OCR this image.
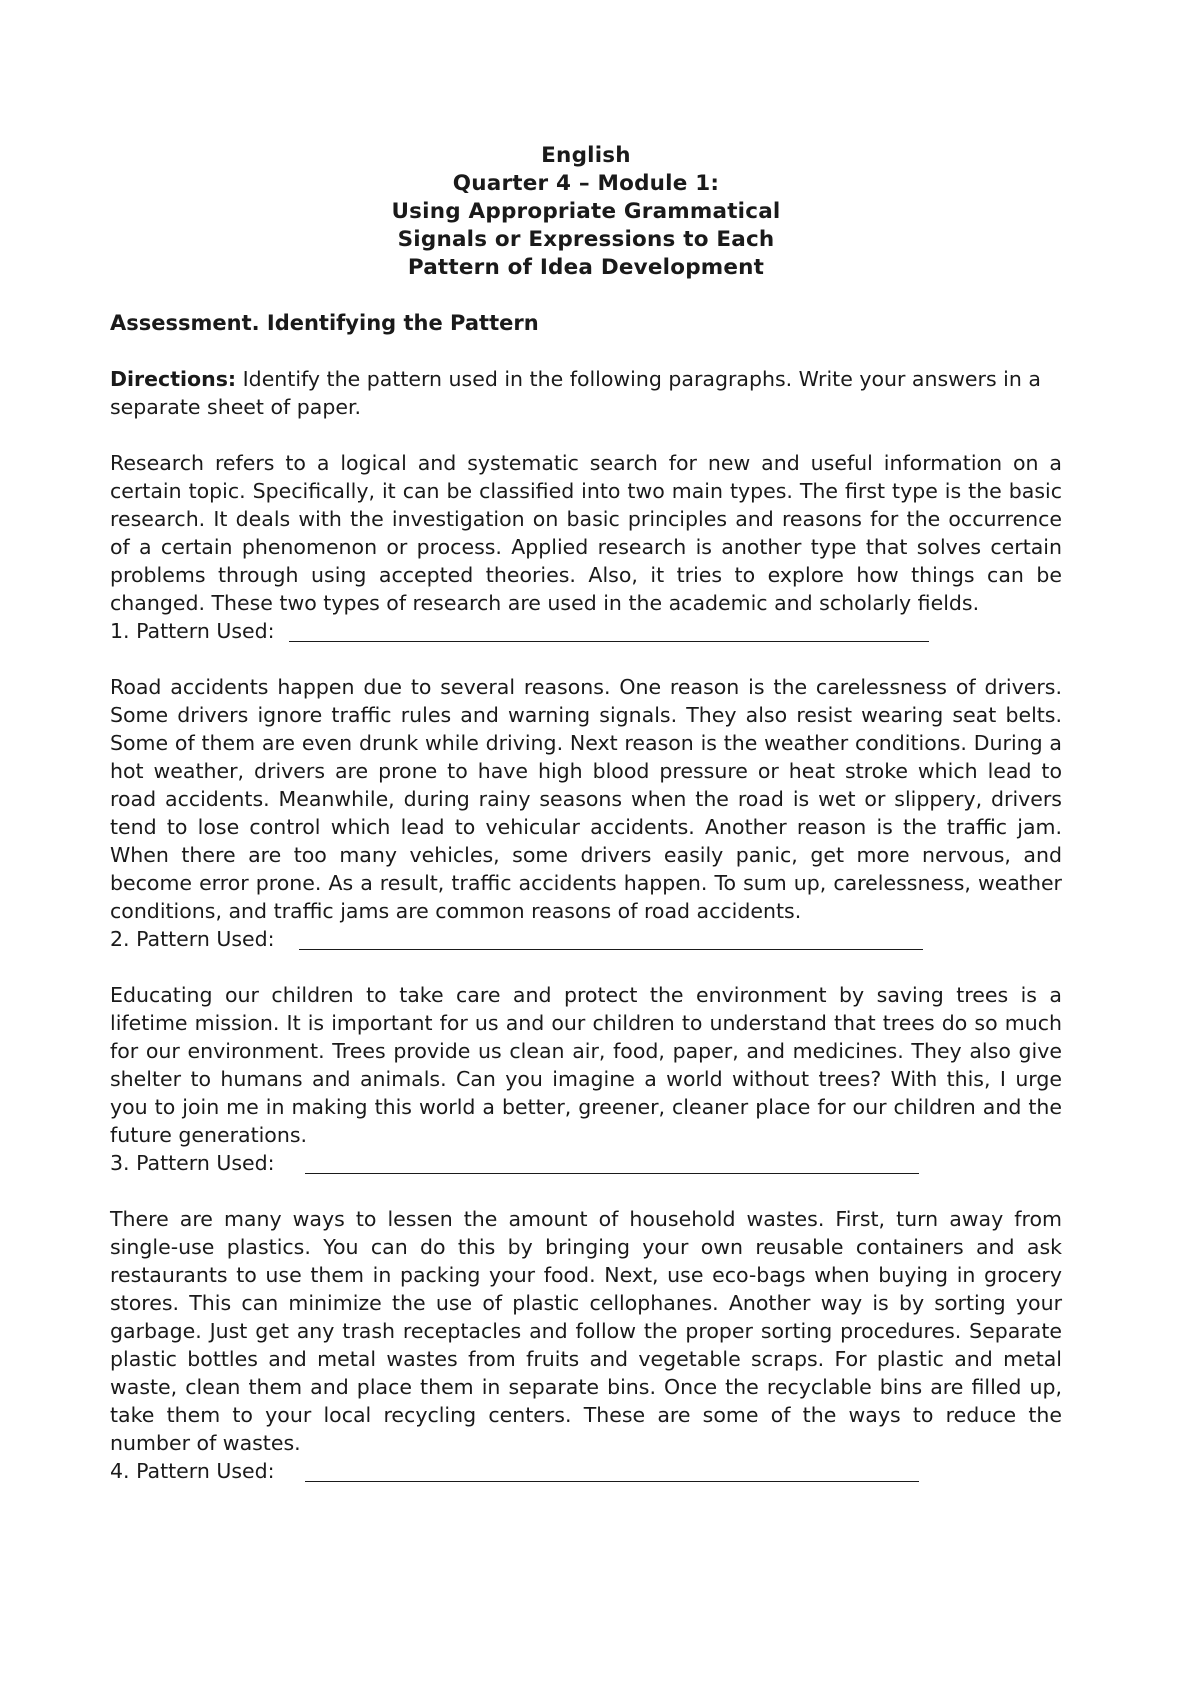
English
Quarter 4 – Module 1:
Using Appropriate Grammatical
Signals or Expressions to Each
Pattern of Idea Development
Assessment. Identifying the Pattern
Directions: Identify the pattern used in the following paragraphs. Write your answers in a separate sheet of paper.
Research refers to a logical and systematic search for new and useful information on a certain topic. Specifically, it can be classified into two main types. The first type is the basic research. It deals with the investigation on basic principles and reasons for the occurrence of a certain phenomenon or process. Applied research is another type that solves certain problems through using accepted theories. Also, it tries to explore how things can be changed. These two types of research are used in the academic and scholarly fields.
1. Pattern Used:
Road accidents happen due to several reasons. One reason is the carelessness of drivers. Some drivers ignore traffic rules and warning signals. They also resist wearing seat belts. Some of them are even drunk while driving. Next reason is the weather conditions. During a hot weather, drivers are prone to have high blood pressure or heat stroke which lead to road accidents. Meanwhile, during rainy seasons when the road is wet or slippery, drivers tend to lose control which lead to vehicular accidents. Another reason is the traffic jam. When there are too many vehicles, some drivers easily panic, get more nervous, and become error prone. As a result, traffic accidents happen. To sum up, carelessness, weather conditions, and traffic jams are common reasons of road accidents.
2. Pattern Used:
Educating our children to take care and protect the environment by saving trees is a lifetime mission. It is important for us and our children to understand that trees do so much for our environment. Trees provide us clean air, food, paper, and medicines. They also give shelter to humans and animals. Can you imagine a world without trees? With this, I urge you to join me in making this world a better, greener, cleaner place for our children and the future generations.
3. Pattern Used:
There are many ways to lessen the amount of household wastes. First, turn away from single-use plastics. You can do this by bringing your own reusable containers and ask restaurants to use them in packing your food. Next, use eco-bags when buying in grocery stores. This can minimize the use of plastic cellophanes. Another way is by sorting your garbage. Just get any trash receptacles and follow the proper sorting procedures. Separate plastic bottles and metal wastes from fruits and vegetable scraps. For plastic and metal waste, clean them and place them in separate bins. Once the recyclable bins are filled up, take them to your local recycling centers. These are some of the ways to reduce the number of wastes.
4. Pattern Used:
